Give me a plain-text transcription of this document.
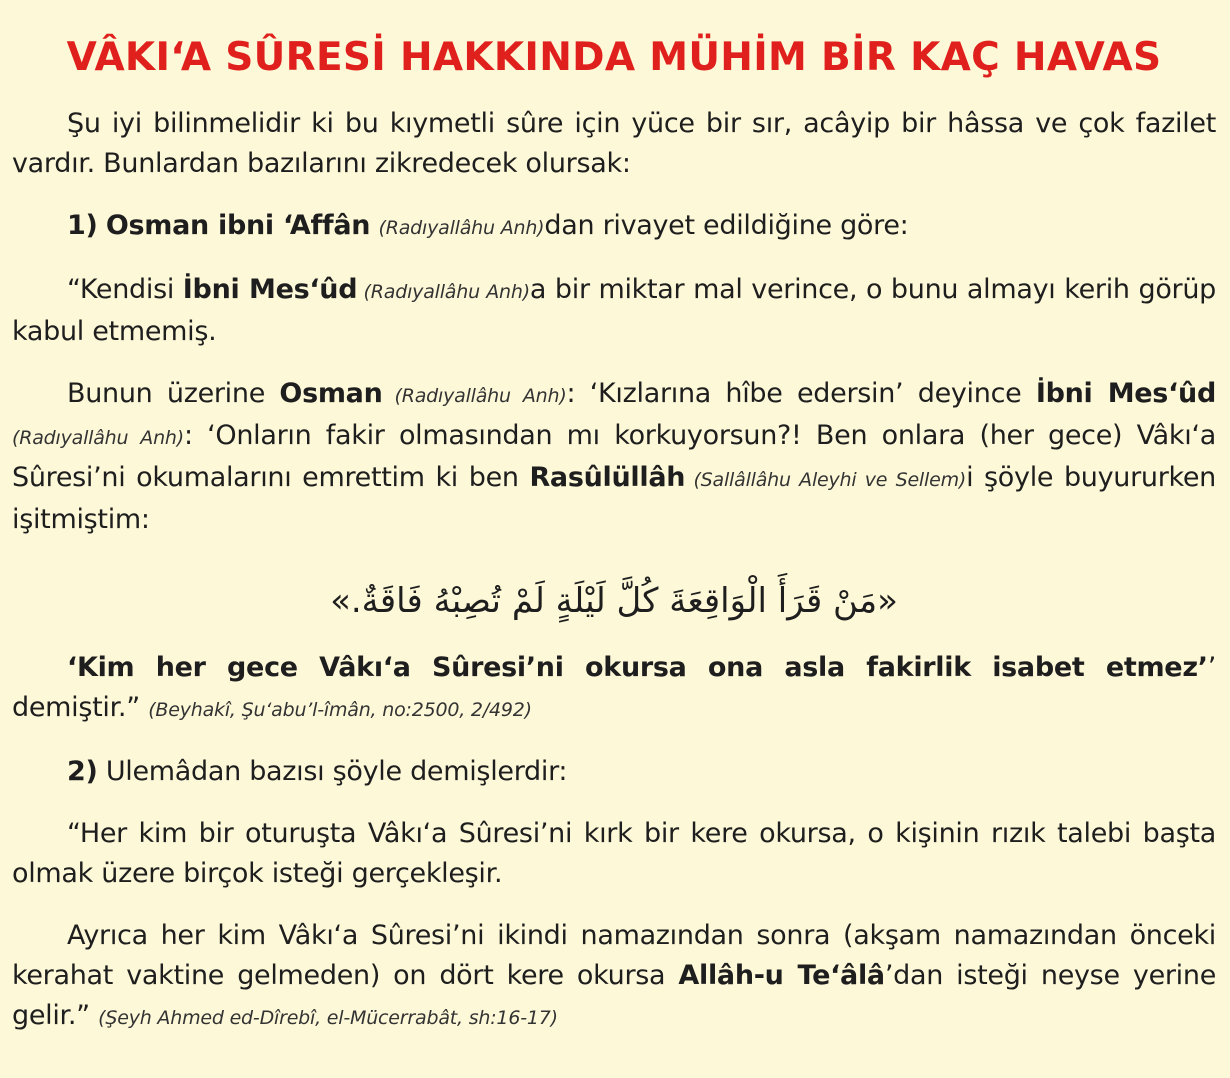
VÂKI‘A SÛRESİ HAKKINDA MÜHİM BİR KAÇ HAVAS

Şu iyi bilinmelidir ki bu kıymetli sûre için yüce bir sır, acâyip bir hâssa ve çok fazilet vardır. Bunlardan bazılarını zikredecek olursak:

1) Osman ibni ‘Affân (Radıyallâhu Anh)dan rivayet edildiğine göre:

“Kendisi İbni Mes‘ûd (Radıyallâhu Anh)a bir miktar mal verince, o bunu almayı kerih görüp kabul etmemiş.

Bunun üzerine Osman (Radıyallâhu Anh): ‘Kızlarına hîbe edersin’ deyince İbni Mes‘ûd (Radıyallâhu Anh): ‘Onların fakir olmasından mı korkuyorsun?! Ben onlara (her gece) Vâkı‘a Sûresi’ni okumalarını emrettim ki ben Rasûlüllâh (Sallâllâhu Aleyhi ve Sellem)i şöyle buyururken işitmiştim:

«مَنْ قَرَأَ الْوَاقِعَةَ كُلَّ لَيْلَةٍ لَمْ تُصِبْهُ فَاقَةٌ.»

‘Kim her gece Vâkı‘a Sûresi’ni okursa ona asla fakirlik isabet etmez’’ demiştir.” (Beyhakî, Şu‘abu’l-îmân, no:2500, 2/492)

2) Ulemâdan bazısı şöyle demişlerdir:

“Her kim bir oturuşta Vâkı‘a Sûresi’ni kırk bir kere okursa, o kişinin rızık talebi başta olmak üzere birçok isteği gerçekleşir.

Ayrıca her kim Vâkı‘a Sûresi’ni ikindi namazından sonra (akşam namazından önceki kerahat vaktine gelmeden) on dört kere okursa Allâh-u Te‘âlâ’dan isteği neyse yerine gelir.” (Şeyh Ahmed ed-Dîrebî, el-Mücerrabât, sh:16-17)
